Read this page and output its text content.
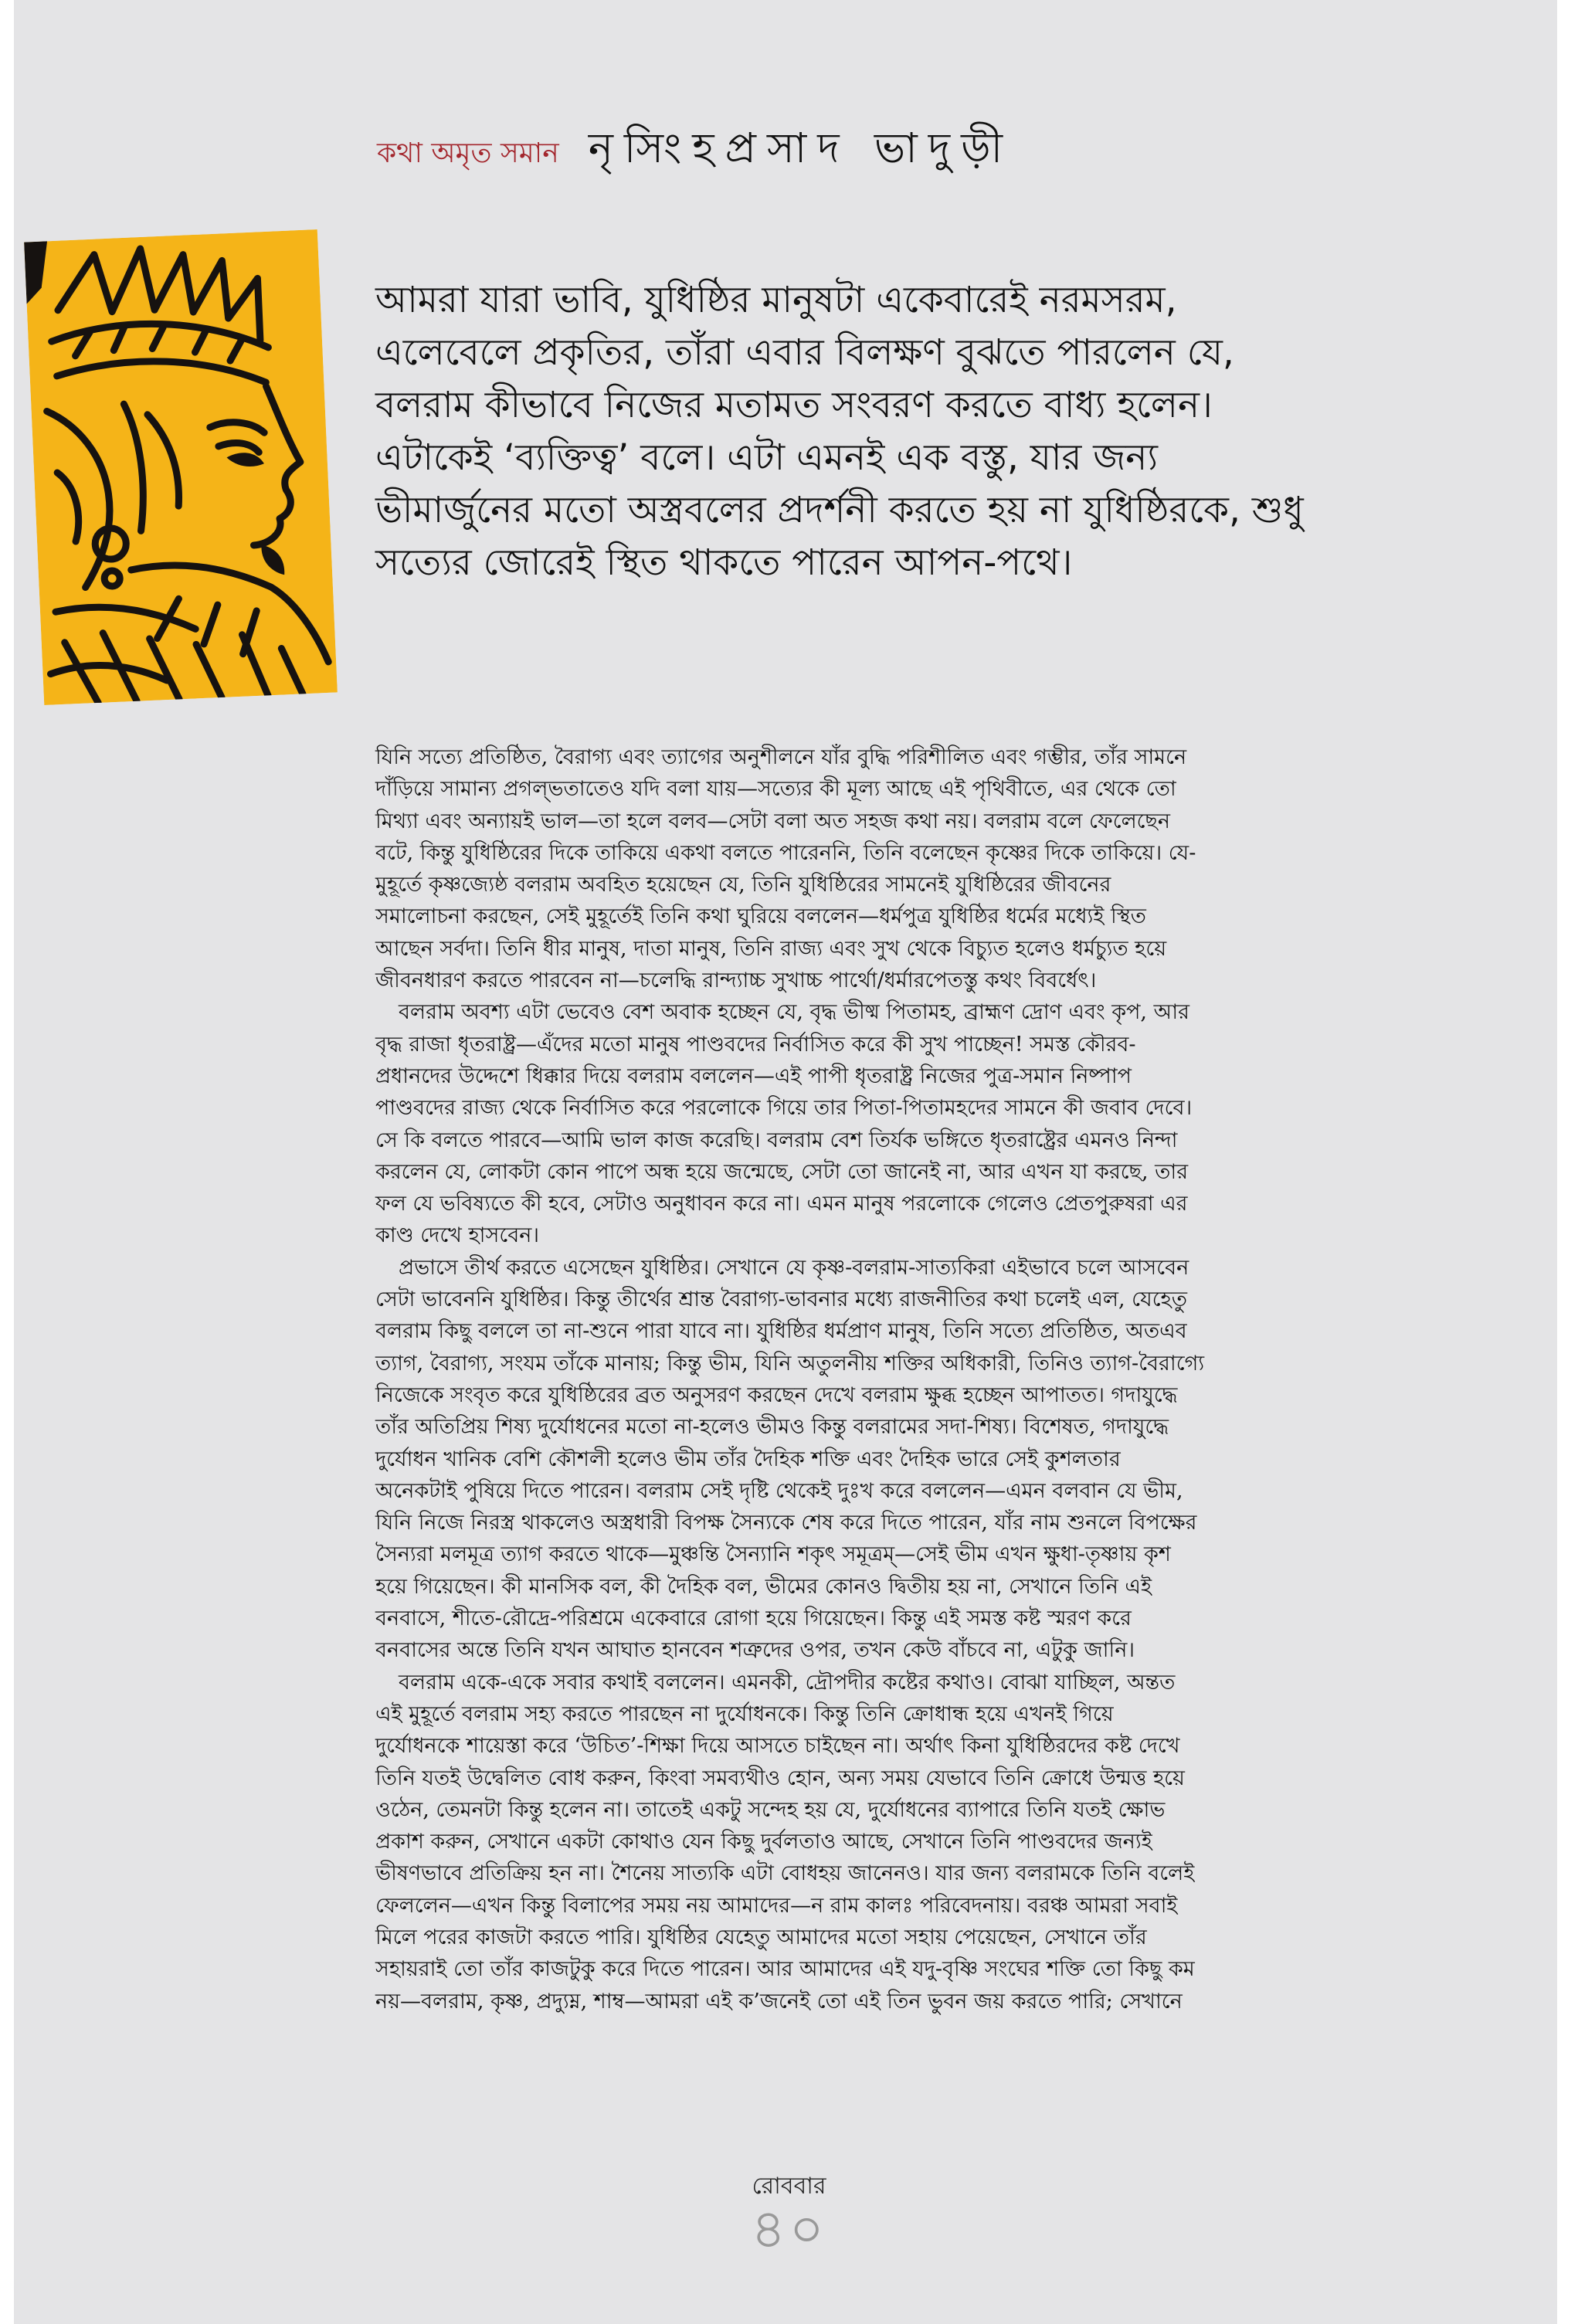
কথা অমৃত সমান নৃসিংহপ্রসাদ ভাদুড়ী

আমরা যারা ভাবি, যুধিষ্ঠির মানুষটা একেবারেই নরমসরম,

এলেবেলে প্রকৃতির, তাঁরা এবার বিলক্ষণ বুঝতে পারলেন যে,

বলরাম কীভাবে নিজের মতামত সংবরণ করতে বাধ্য হলেন।

এটাকেই ‘ব্যক্তিত্ব’ বলে। এটা এমনই এক বস্তু, যার জন্য

ভীমার্জুনের মতো অস্ত্রবলের প্রদর্শনী করতে হয় না যুধিষ্ঠিরকে, শুধু

সত্যের জোরেই স্থিত থাকতে পারেন আপন-পথে।

যিনি সত্যে প্রতিষ্ঠিত, বৈরাগ্য এবং ত্যাগের অনুশীলনে যাঁর বুদ্ধি পরিশীলিত এবং গম্ভীর, তাঁর সামনে

দাঁড়িয়ে সামান্য প্রগল্‌ভতাতেও যদি বলা যায়—সত্যের কী মূল্য আছে এই পৃথিবীতে, এর থেকে তো

মিথ্যা এবং অন্যায়ই ভাল—তা হলে বলব—সেটা বলা অত সহজ কথা নয়। বলরাম বলে ফেলেছেন

বটে, কিন্তু যুধিষ্ঠিরের দিকে তাকিয়ে একথা বলতে পারেননি, তিনি বলেছেন কৃষ্ণের দিকে তাকিয়ে। যে-

মুহূর্তে কৃষ্ণজ্যেষ্ঠ বলরাম অবহিত হয়েছেন যে, তিনি যুধিষ্ঠিরের সামনেই যুধিষ্ঠিরের জীবনের

সমালোচনা করছেন, সেই মুহূর্তেই তিনি কথা ঘুরিয়ে বললেন—ধর্মপুত্র যুধিষ্ঠির ধর্মের মধ্যেই স্থিত

আছেন সর্বদা। তিনি ধীর মানুষ, দাতা মানুষ, তিনি রাজ্য এবং সুখ থেকে বিচ্যুত হলেও ধর্মচ্যুত হয়ে

জীবনধারণ করতে পারবেন না—চলেদ্ধি রান্দ্যাচ্চ সুখাচ্চ পার্থো/ধর্মারপেতস্তু কথং বিবর্ধেৎ।

বলরাম অবশ্য এটা ভেবেও বেশ অবাক হচ্ছেন যে, বৃদ্ধ ভীষ্ম পিতামহ, ব্রাহ্মণ দ্রোণ এবং কৃপ, আর

বৃদ্ধ রাজা ধৃতরাষ্ট্র—এঁদের মতো মানুষ পাণ্ডবদের নির্বাসিত করে কী সুখ পাচ্ছেন! সমস্ত কৌরব-

প্রধানদের উদ্দেশে ধিক্কার দিয়ে বলরাম বললেন—এই পাপী ধৃতরাষ্ট্র নিজের পুত্র-সমান নিষ্পাপ

পাণ্ডবদের রাজ্য থেকে নির্বাসিত করে পরলোকে গিয়ে তার পিতা-পিতামহদের সামনে কী জবাব দেবে।

সে কি বলতে পারবে—আমি ভাল কাজ করেছি। বলরাম বেশ তির্যক ভঙ্গিতে ধৃতরাষ্ট্রের এমনও নিন্দা

করলেন যে, লোকটা কোন পাপে অন্ধ হয়ে জন্মেছে, সেটা তো জানেই না, আর এখন যা করছে, তার

ফল যে ভবিষ্যতে কী হবে, সেটাও অনুধাবন করে না। এমন মানুষ পরলোকে গেলেও প্রেতপুরুষরা এর

কাণ্ড দেখে হাসবেন।

প্রভাসে তীর্থ করতে এসেছেন যুধিষ্ঠির। সেখানে যে কৃষ্ণ-বলরাম-সাত্যকিরা এইভাবে চলে আসবেন

সেটা ভাবেননি যুধিষ্ঠির। কিন্তু তীর্থের শ্রান্ত বৈরাগ্য-ভাবনার মধ্যে রাজনীতির কথা চলেই এল, যেহেতু

বলরাম কিছু বললে তা না-শুনে পারা যাবে না। যুধিষ্ঠির ধর্মপ্রাণ মানুষ, তিনি সত্যে প্রতিষ্ঠিত, অতএব

ত্যাগ, বৈরাগ্য, সংযম তাঁকে মানায়; কিন্তু ভীম, যিনি অতুলনীয় শক্তির অধিকারী, তিনিও ত্যাগ-বৈরাগ্যে

নিজেকে সংবৃত করে যুধিষ্ঠিরের ব্রত অনুসরণ করছেন দেখে বলরাম ক্ষুব্ধ হচ্ছেন আপাতত। গদাযুদ্ধে

তাঁর অতিপ্রিয় শিষ্য দুর্যোধনের মতো না-হলেও ভীমও কিন্তু বলরামের সদা-শিষ্য। বিশেষত, গদাযুদ্ধে

দুর্যোধন খানিক বেশি কৌশলী হলেও ভীম তাঁর দৈহিক শক্তি এবং দৈহিক ভারে সেই কুশলতার

অনেকটাই পুষিয়ে দিতে পারেন। বলরাম সেই দৃষ্টি থেকেই দুঃখ করে বললেন—এমন বলবান যে ভীম,

যিনি নিজে নিরস্ত্র থাকলেও অস্ত্রধারী বিপক্ষ সৈন্যকে শেষ করে দিতে পারেন, যাঁর নাম শুনলে বিপক্ষের

সৈন্যরা মলমূত্র ত্যাগ করতে থাকে—মুঞ্চন্তি সৈন্যানি শকৃৎ সমূত্রম্‌—সেই ভীম এখন ক্ষুধা-তৃষ্ণায় কৃশ

হয়ে গিয়েছেন। কী মানসিক বল, কী দৈহিক বল, ভীমের কোনও দ্বিতীয় হয় না, সেখানে তিনি এই

বনবাসে, শীতে-রৌদ্রে-পরিশ্রমে একেবারে রোগা হয়ে গিয়েছেন। কিন্তু এই সমস্ত কষ্ট স্মরণ করে

বনবাসের অন্তে তিনি যখন আঘাত হানবেন শত্রুদের ওপর, তখন কেউ বাঁচবে না, এটুকু জানি।

বলরাম একে-একে সবার কথাই বললেন। এমনকী, দ্রৌপদীর কষ্টের কথাও। বোঝা যাচ্ছিল, অন্তত

এই মুহূর্তে বলরাম সহ্য করতে পারছেন না দুর্যোধনকে। কিন্তু তিনি ক্রোধান্ধ হয়ে এখনই গিয়ে

দুর্যোধনকে শায়েস্তা করে ‘উচিত’-শিক্ষা দিয়ে আসতে চাইছেন না। অর্থাৎ কিনা যুধিষ্ঠিরদের কষ্ট দেখে

তিনি যতই উদ্বেলিত বোধ করুন, কিংবা সমব্যথীও হোন, অন্য সময় যেভাবে তিনি ক্রোধে উন্মত্ত হয়ে

ওঠেন, তেমনটা কিন্তু হলেন না। তাতেই একটু সন্দেহ হয় যে, দুর্যোধনের ব্যাপারে তিনি যতই ক্ষোভ

প্রকাশ করুন, সেখানে একটা কোথাও যেন কিছু দুর্বলতাও আছে, সেখানে তিনি পাণ্ডবদের জন্যই

ভীষণভাবে প্রতিক্রিয় হন না। শৈনেয় সাত্যকি এটা বোধহয় জানেনও। যার জন্য বলরামকে তিনি বলেই

ফেললেন—এখন কিন্তু বিলাপের সময় নয় আমাদের—ন রাম কালঃ পরিবেদনায়। বরঞ্চ আমরা সবাই

মিলে পরের কাজটা করতে পারি। যুধিষ্ঠির যেহেতু আমাদের মতো সহায় পেয়েছেন, সেখানে তাঁর

সহায়রাই তো তাঁর কাজটুকু করে দিতে পারেন। আর আমাদের এই যদু-বৃষ্ণি সংঘের শক্তি তো কিছু কম

নয়—বলরাম, কৃষ্ণ, প্রদ্যুম্ন, শাম্ব—আমরা এই ক’জনেই তো এই তিন ভুবন জয় করতে পারি; সেখানে

রোববার
৪০
